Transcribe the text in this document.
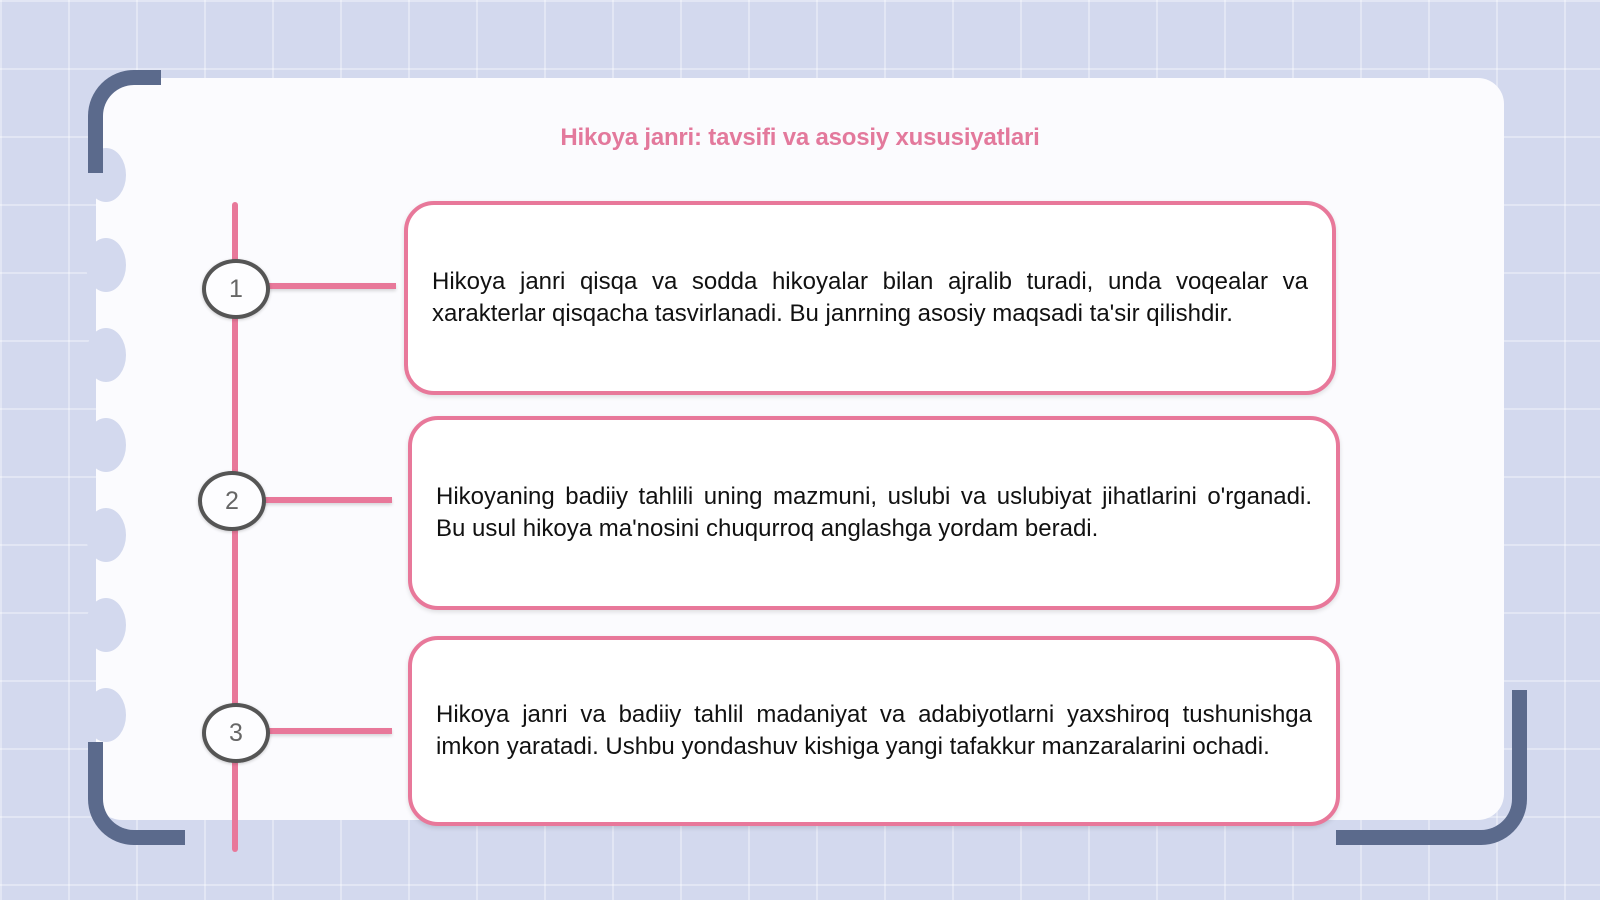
Hikoya janri: tavsifi va asosiy xususiyatlari
1	Hikoya janri qisqa va sodda hikoyalar bilan ajralib turadi, unda voqealar va xarakterlar qisqacha tasvirlanadi. Bu janrning asosiy maqsadi ta'sir qilishdir.

2	Hikoyaning badiiy tahlili uning mazmuni, uslubi va uslubiyat jihatlarini o'rganadi. Bu usul hikoya ma'nosini chuqurroq anglashga yordam beradi.

3

Hikoya janri va badiiy tahlil madaniyat va adabiyotlarni yaxshiroq tushunishga imkon yaratadi. Ushbu yondashuv kishiga yangi tafakkur manzaralarini ochadi.
